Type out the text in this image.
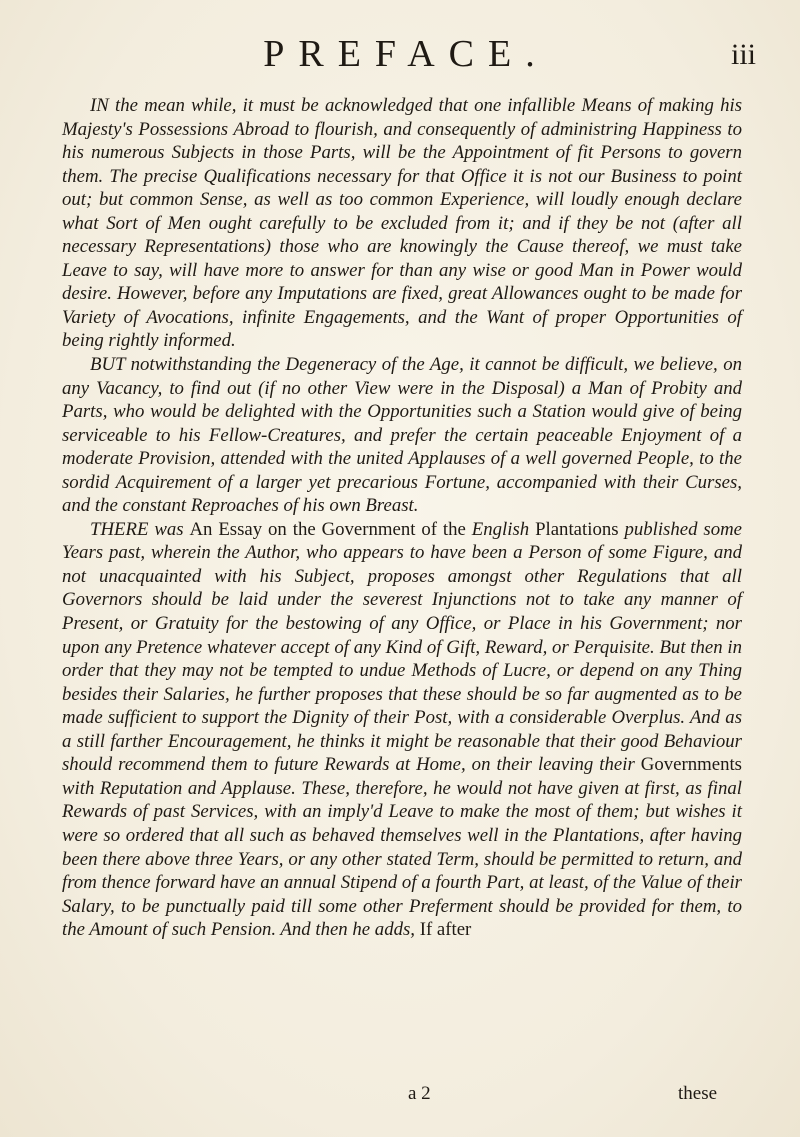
PREFACE.	iii

IN the mean while, it must be acknowledged that one infallible Means of making his Majesty's Possessions Abroad to flourish, and consequently of administring Happiness to his numerous Subjects in those Parts, will be the Appointment of fit Persons to govern them. The precise Qualifications necessary for that Office it is not our Business to point out; but common Sense, as well as too common Experience, will loudly enough declare what Sort of Men ought carefully to be excluded from it; and if they be not (after all necessary Representations) those who are knowingly the Cause thereof, we must take Leave to say, will have more to answer for than any wise or good Man in Power would desire. However, before any Imputations are fixed, great Allowances ought to be made for Variety of Avocations, infinite Engagements, and the Want of proper Opportunities of being rightly informed.

BUT notwithstanding the Degeneracy of the Age, it cannot be difficult, we believe, on any Vacancy, to find out (if no other View were in the Disposal) a Man of Probity and Parts, who would be delighted with the Opportunities such a Station would give of being serviceable to his Fellow-Creatures, and prefer the certain peaceable Enjoyment of a moderate Provision, attended with the united Applauses of a well governed People, to the sordid Acquirement of a larger yet precarious Fortune, accompanied with their Curses, and the constant Reproaches of his own Breast.

THERE was An Essay on the Government of the English Plantations published some Years past, wherein the Author, who appears to have been a Person of some Figure, and not unacquainted with his Subject, proposes amongst other Regulations that all Governors should be laid under the severest Injunctions not to take any manner of Present, or Gratuity for the bestowing of any Office, or Place in his Government; nor upon any Pretence whatever accept of any Kind of Gift, Reward, or Perquisite. But then in order that they may not be tempted to undue Methods of Lucre, or depend on any Thing besides their Salaries, he further proposes that these should be so far augmented as to be made sufficient to support the Dignity of their Post, with a considerable Overplus. And as a still farther Encouragement, he thinks it might be reasonable that their good Behaviour should recommend them to future Rewards at Home, on their leaving their Governments with Reputation and Applause. These, therefore, he would not have given at first, as final Rewards of past Services, with an imply'd Leave to make the most of them; but wishes it were so ordered that all such as behaved themselves well in the Plantations, after having been there above three Years, or any other stated Term, should be permitted to return, and from thence forward have an annual Stipend of a fourth Part, at least, of the Value of their Salary, to be punctually paid till some other Preferment should be provided for them, to the Amount of such Pension. And then he adds, If after

a 2	these
